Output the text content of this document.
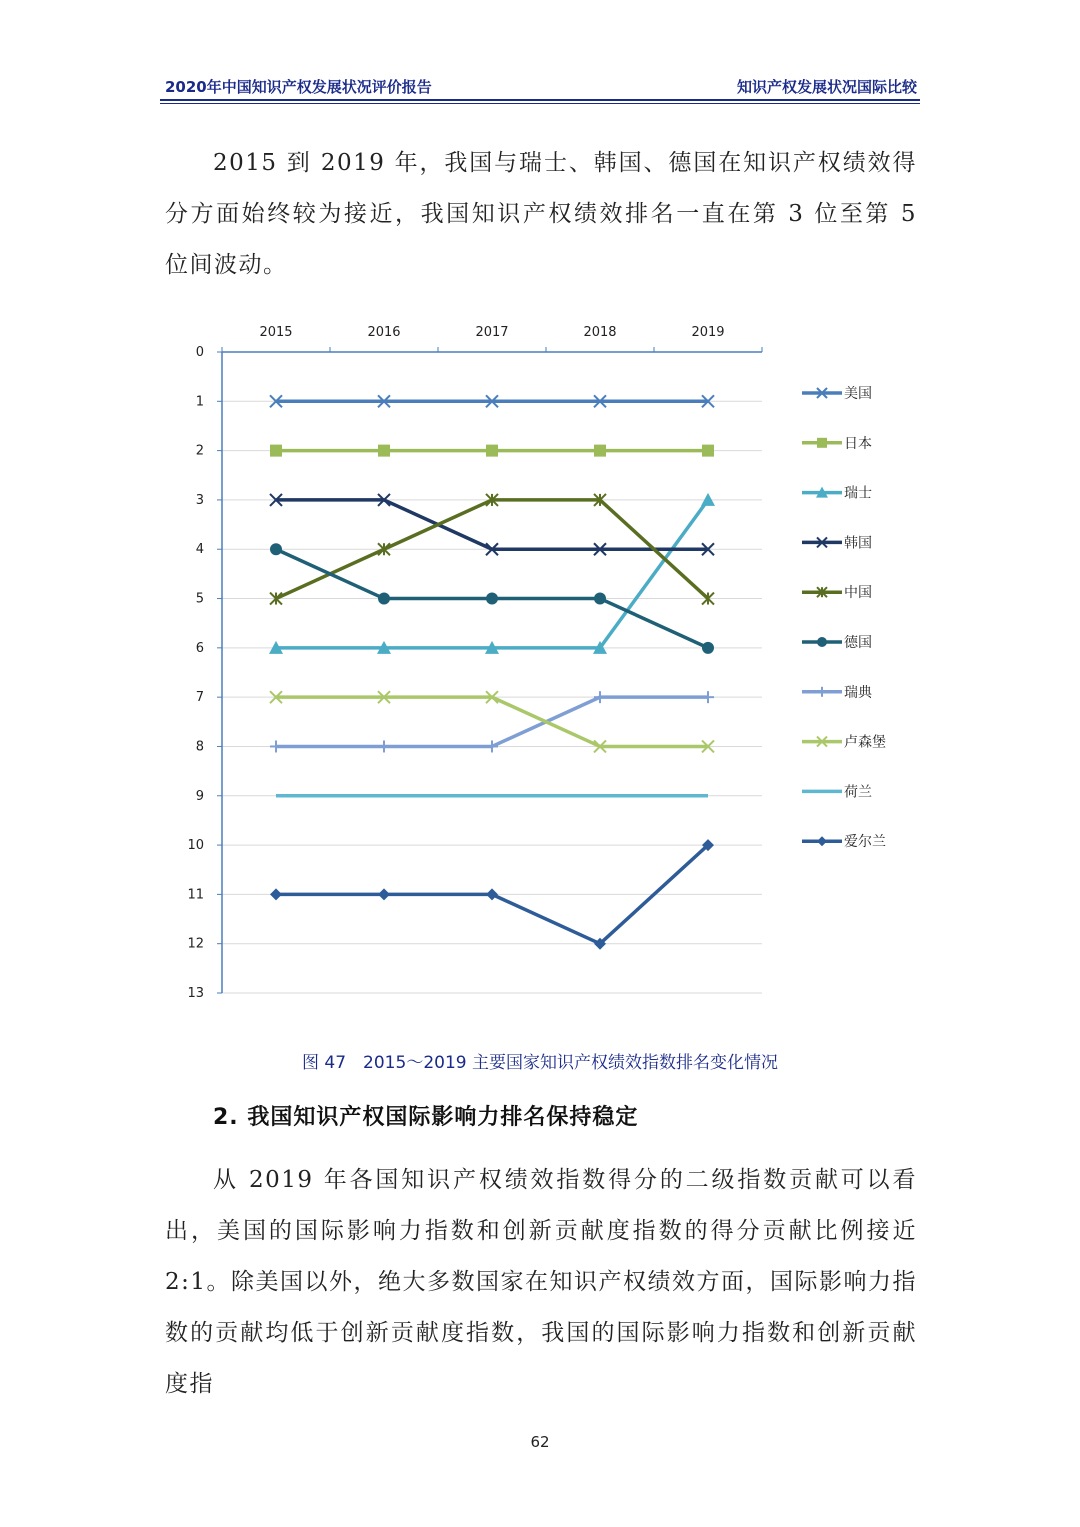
2020年中国知识产权发展状况评价报告	知识产权发展状况国际比较
2015 到 2019 年，我国与瑞士、韩国、德国在知识产权绩效得分方面始终较为接近，我国知识产权绩效排名一直在第 3 位至第 5 位间波动。
0
1
2
3
4
5
6
7
8
9
10
11
12
13
2015	2016	2017	2018	2019
美国
日本
瑞士
韩国
中国
德国
瑞典
卢森堡
荷兰
爱尔兰
图 47　2015～2019 主要国家知识产权绩效指数排名变化情况
2. 我国知识产权国际影响力排名保持稳定
从 2019 年各国知识产权绩效指数得分的二级指数贡献可以看出，美国的国际影响力指数和创新贡献度指数的得分贡献比例接近 2:1。除美国以外，绝大多数国家在知识产权绩效方面，国际影响力指数的贡献均低于创新贡献度指数，我国的国际影响力指数和创新贡献度指
62
